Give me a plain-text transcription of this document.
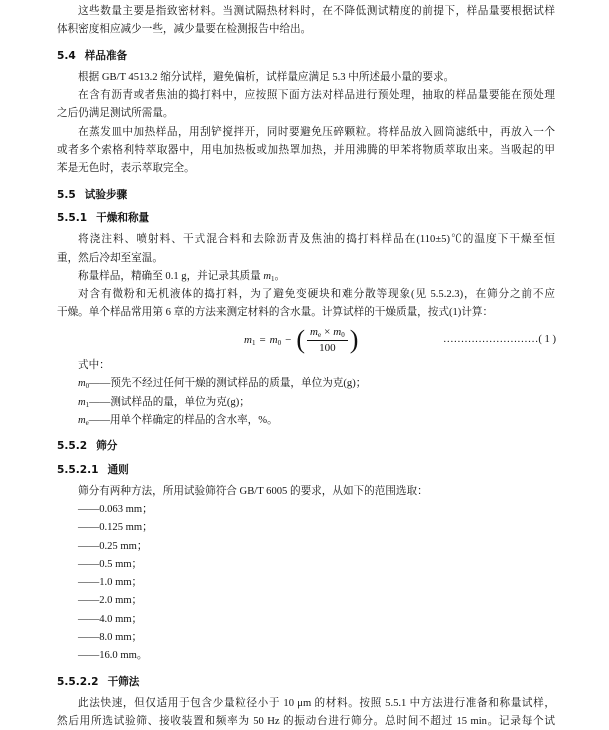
这些数量主要是指致密材料。当测试隔热材料时，在不降低测试精度的前提下，样品量要根据试样
体积密度相应减少一些，减少量要在检测报告中给出。
5.4 样品准备
根据 GB/T 4513.2 缩分试样，避免偏析，试样量应满足 5.3 中所述最小量的要求。
在含有沥青或者焦油的捣打料中，应按照下面方法对样品进行预处理，抽取的样品量要能在预处理
之后仍满足测试所需量。
在蒸发皿中加热样品，用刮铲搅拌开，同时要避免压碎颗粒。将样品放入圆筒滤纸中，再放入一个
或者多个索格利特萃取器中，用电加热板或加热罩加热，并用沸腾的甲苯将物质萃取出来。当吸起的甲
苯是无色时，表示萃取完全。
5.5 试验步骤
5.5.1 干燥和称量
将浇注料、喷射料、干式混合料和去除沥青及焦油的捣打料样品在(110±5)℃的温度下干燥至恒
重，然后冷却至室温。
称量样品，精确至 0.1 g，并记录其质量 $m_1$。
对含有微粉和无机液体的捣打料，为了避免变硬块和难分散等现象(见 5.5.2.3)，在筛分之前不应
干燥。单个样品常用第 6 章的方法来测定材料的含水量。计算试样的干燥质量，按式(1)计算：
$m_1 = m_0$ − ( $\frac{m_e \times m_0}{100}$ )	………………………( 1 )
式中：
$m_0——$预先不经过任何干燥的测试样品的质量，单位为克(g)；
$m_1——$测试样品的量，单位为克(g)；
$m_e——$用单个样确定的样品的含水率，%。
5.5.2 筛分
5.5.2.1 通则
筛分有两种方法，所用试验筛符合 GB/T 6005 的要求，从如下的范围选取：
——0.063 mm；
——0.125 mm；
——0.25 mm；
——0.5 mm；
——1.0 mm；
——2.0 mm；
——4.0 mm；
——8.0 mm；
——16.0 mm。
5.5.2.2 干筛法
此法快速，但仅适用于包含少量粒径小于 10 μm 的材料。按照 5.5.1 中方法进行准备和称量试样，
然后用所选试验筛、接收装置和频率为 50 Hz 的振动台进行筛分。总时间不超过 15 min。记录每个试
